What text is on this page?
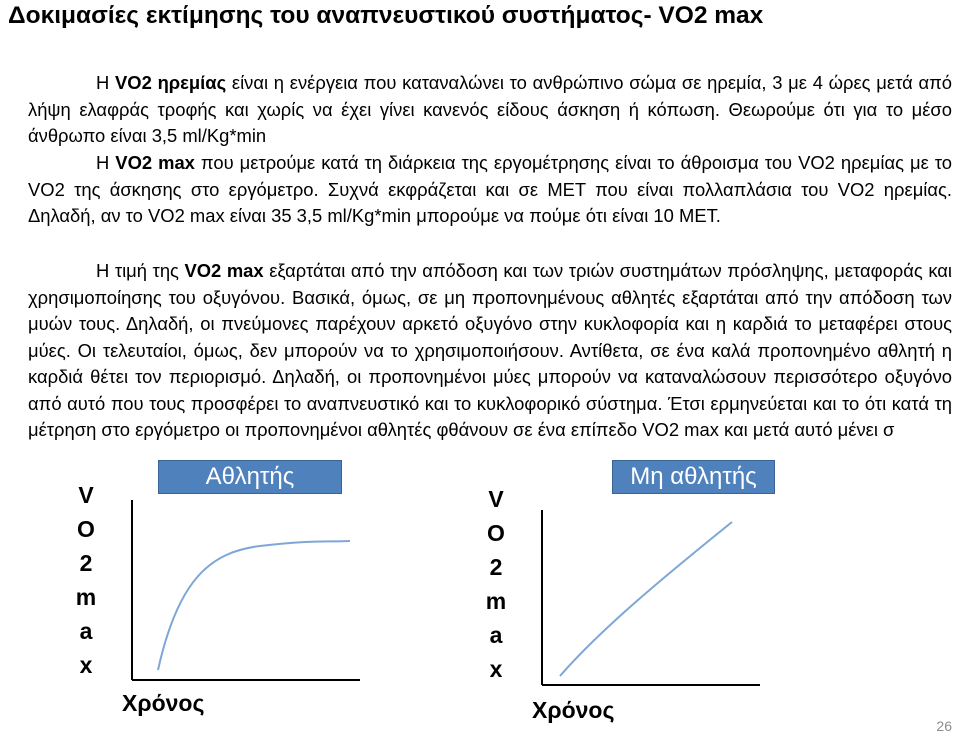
Δοκιμασίες εκτίμησης του αναπνευστικού συστήματος- VO2 max

Η VO2 ηρεμίας είναι η ενέργεια που καταναλώνει το ανθρώπινο σώμα σε ηρεμία, 3 με 4 ώρες μετά από λήψη ελαφράς τροφής και χωρίς να έχει γίνει κανενός είδους άσκηση ή κόπωση. Θεωρούμε ότι για το μέσο άνθρωπο είναι 3,5 ml/Kg*min

Η VO2 max που μετρούμε κατά τη διάρκεια της εργομέτρησης είναι το άθροισμα του VO2 ηρεμίας με το VO2 της άσκησης στο εργόμετρο. Συχνά εκφράζεται και σε ΜΕΤ που είναι πολλαπλάσια του VO2 ηρεμίας. Δηλαδή, αν το VO2 max είναι 35 3,5 ml/Kg*min μπορούμε να πούμε ότι είναι 10 ΜΕΤ.

Η τιμή της VO2 max εξαρτάται από την απόδοση και των τριών συστημάτων πρόσληψης, μεταφοράς και χρησιμοποίησης του οξυγόνου. Βασικά, όμως, σε μη προπονημένους αθλητές εξαρτάται από την απόδοση των μυών τους. Δηλαδή, οι πνεύμονες παρέχουν αρκετό οξυγόνο στην κυκλοφορία και η καρδιά το μεταφέρει στους μύες. Οι τελευταίοι, όμως, δεν μπορούν να το χρησιμοποιήσουν. Αντίθετα, σε ένα καλά προπονημένο αθλητή η καρδιά θέτει τον περιορισμό. Δηλαδή, οι προπονημένοι μύες μπορούν να καταναλώσουν περισσότερο οξυγόνο από αυτό που τους προσφέρει το αναπνευστικό και το κυκλοφορικό σύστημα. Έτσι ερμηνεύεται και το ότι κατά τη μέτρηση στο εργόμετρο οι προπονημένοι αθλητές φθάνουν σε ένα επίπεδο VO2 max και μετά αυτό μένει σ

Αθλητής
V
O
2
m
a
x
Χρόνος
Μη αθλητής
V
O
2
m
a
x
Χρόνος
26
